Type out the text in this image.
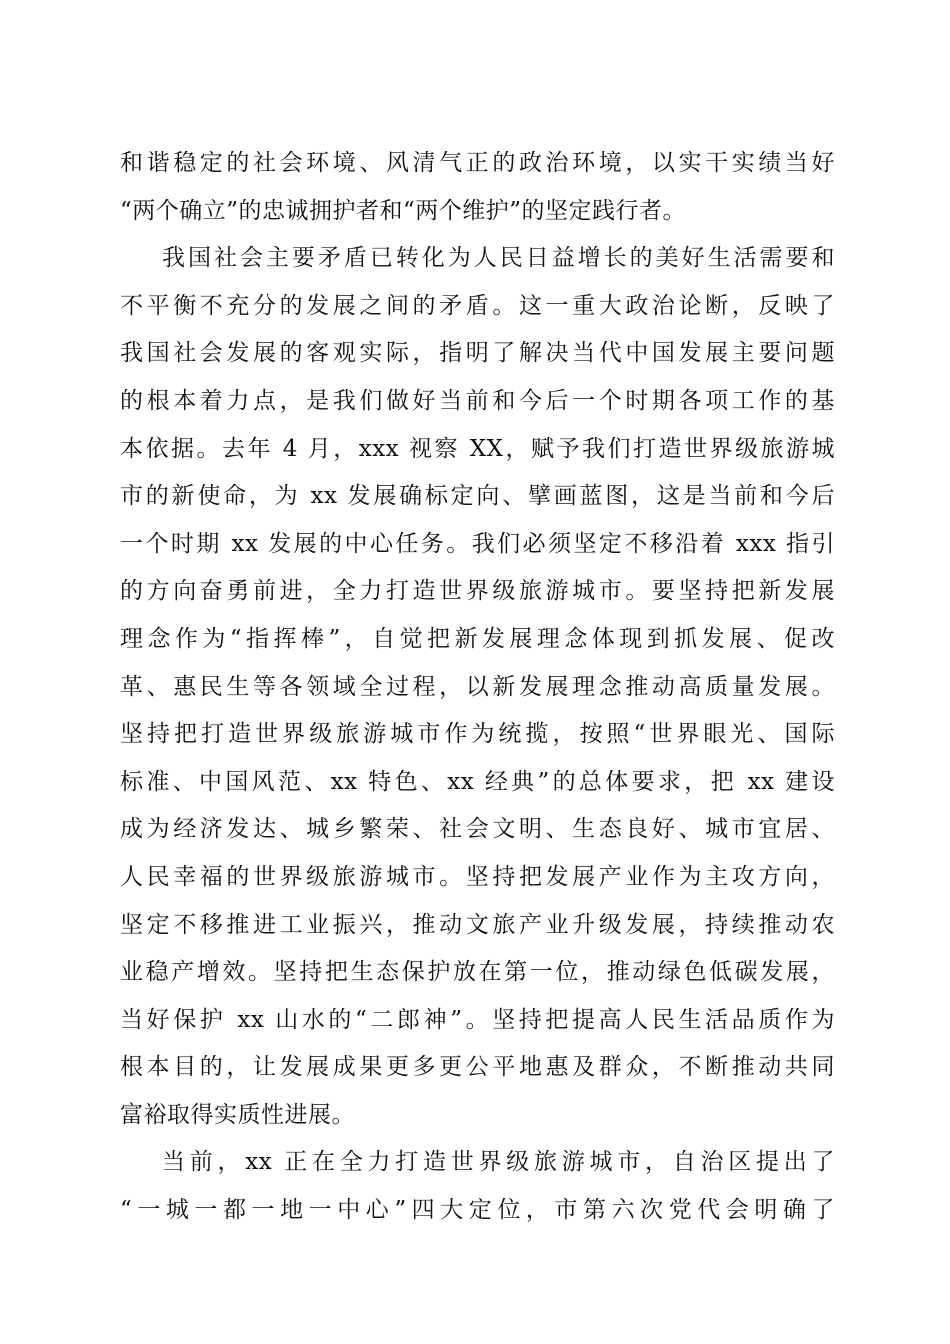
和谐稳定的社会环境、风清气正的政治环境，以实干实绩当好
“两个确立”的忠诚拥护者和“两个维护”的坚定践行者。
我国社会主要矛盾已转化为人民日益增长的美好生活需要和
不平衡不充分的发展之间的矛盾。这一重大政治论断，反映了
我国社会发展的客观实际，指明了解决当代中国发展主要问题
的根本着力点，是我们做好当前和今后一个时期各项工作的基
本依据。去年 4 月，xxx 视察 XX，赋予我们打造世界级旅游城
市的新使命，为 xx 发展确标定向、擘画蓝图，这是当前和今后
一个时期 xx 发展的中心任务。我们必须坚定不移沿着 xxx 指引
的方向奋勇前进，全力打造世界级旅游城市。要坚持把新发展
理念作为“指挥棒”，自觉把新发展理念体现到抓发展、促改
革、惠民生等各领域全过程，以新发展理念推动高质量发展。
坚持把打造世界级旅游城市作为统揽，按照“世界眼光、国际
标准、中国风范、xx 特色、xx 经典”的总体要求，把 xx 建设
成为经济发达、城乡繁荣、社会文明、生态良好、城市宜居、
人民幸福的世界级旅游城市。坚持把发展产业作为主攻方向，
坚定不移推进工业振兴，推动文旅产业升级发展，持续推动农
业稳产增效。坚持把生态保护放在第一位，推动绿色低碳发展，
当好保护 xx 山水的“二郎神”。坚持把提高人民生活品质作为
根本目的，让发展成果更多更公平地惠及群众，不断推动共同
富裕取得实质性进展。
当前，xx 正在全力打造世界级旅游城市，自治区提出了
“一城一都一地一中心”四大定位，市第六次党代会明确了
